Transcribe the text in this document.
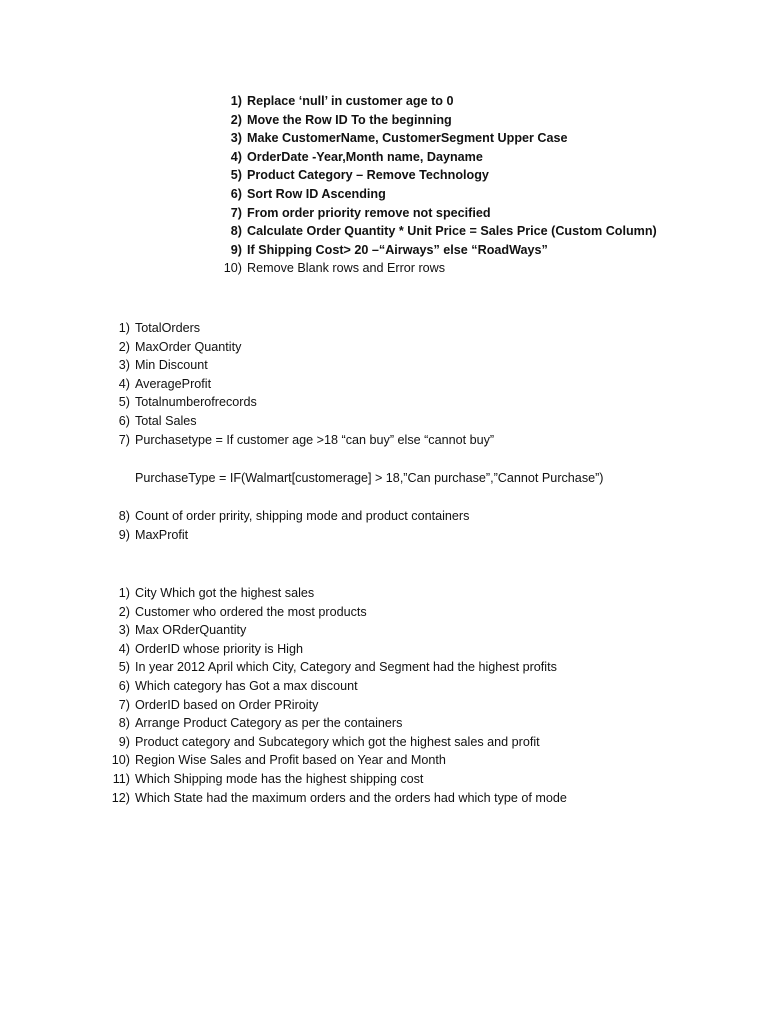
1) Replace ‘null’ in customer age to 0
2) Move the Row ID To the beginning
3) Make CustomerName, CustomerSegment Upper Case
4) OrderDate -Year,Month name, Dayname
5) Product Category – Remove Technology
6) Sort Row ID Ascending
7) From order priority remove not specified
8) Calculate Order Quantity * Unit Price = Sales Price (Custom Column)
9) If Shipping Cost> 20 –“Airways” else “RoadWays”
10) Remove Blank rows and Error rows
1) TotalOrders
2) MaxOrder Quantity
3) Min Discount
4) AverageProfit
5) Totalnumberofrecords
6) Total Sales
7) Purchasetype = If customer age >18 “can buy” else “cannot buy”
PurchaseType = IF(Walmart[customerage] > 18,”Can purchase”,”Cannot Purchase”)
8) Count of order pririty, shipping mode and product containers
9) MaxProfit
1) City Which got the highest sales
2) Customer who ordered the most products
3) Max ORderQuantity
4) OrderID whose priority is High
5) In year 2012 April which City, Category and Segment had the highest profits
6) Which category has Got a max discount
7) OrderID based on Order PRiroity
8) Arrange Product Category as per the containers
9) Product category and Subcategory which got the highest sales and profit
10) Region Wise Sales and Profit based on Year and Month
11) Which Shipping mode has the highest shipping cost
12) Which State had the maximum orders and the orders had which type of mode
